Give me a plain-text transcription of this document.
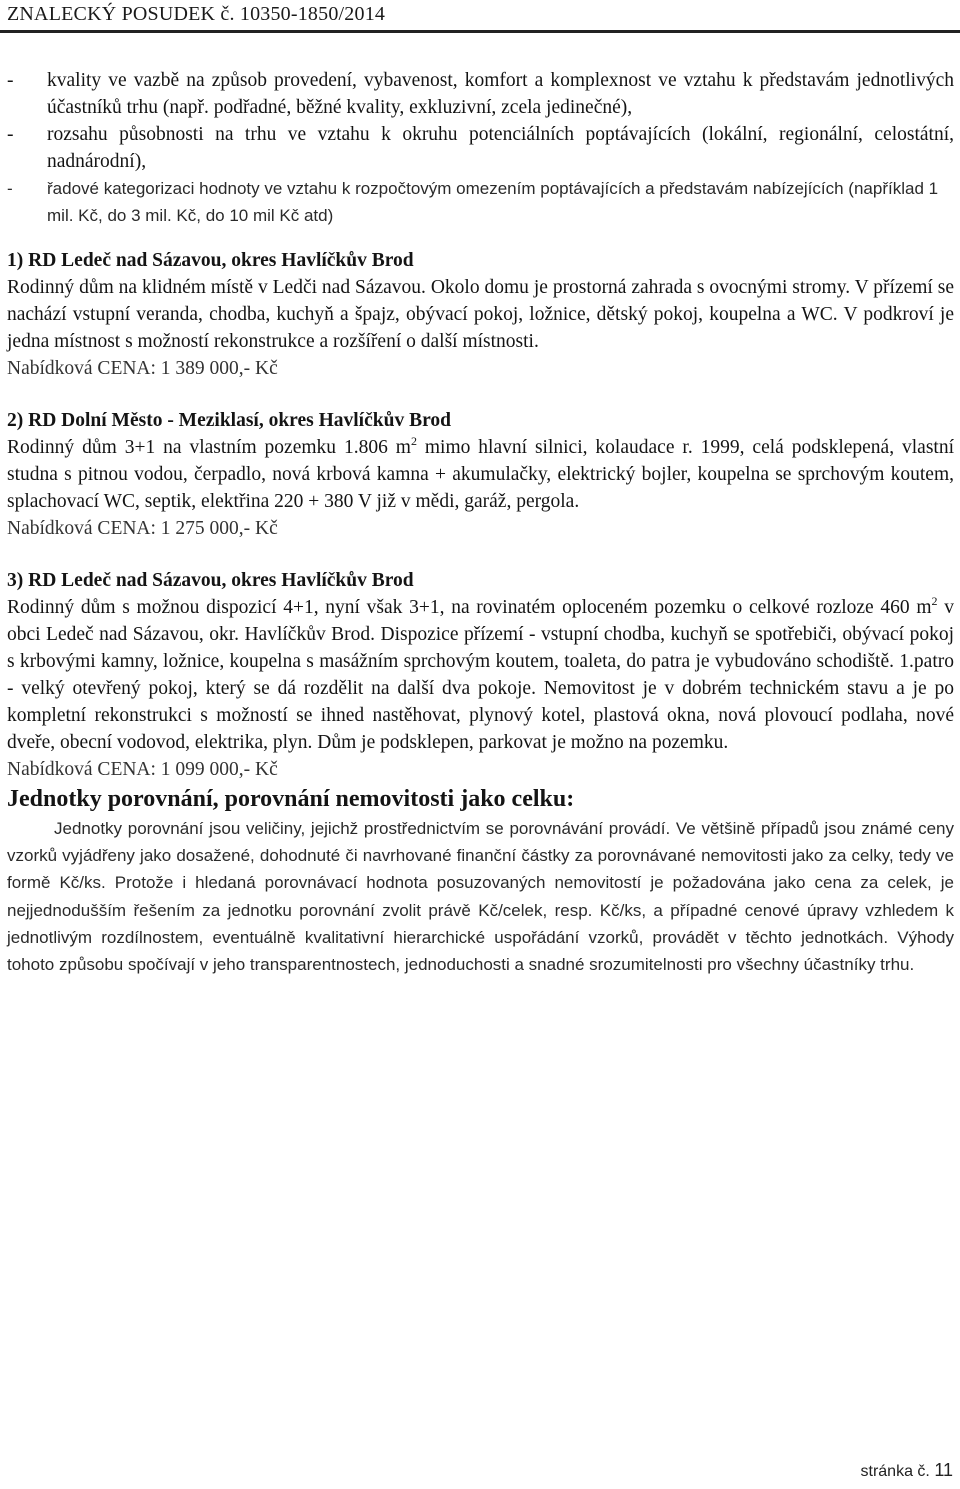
ZNALECKÝ POSUDEK č. 10350-1850/2014
- kvality ve vazbě na způsob provedení, vybavenost, komfort a komplexnost ve vztahu k představám jednotlivých účastníků trhu (např. podřadné, běžné kvality, exkluzivní, zcela jedinečné),
- rozsahu působnosti na trhu ve vztahu k okruhu potenciálních poptávajících (lokální, regionální, celostátní, nadnárodní),
- řadové kategorizaci hodnoty ve vztahu k rozpočtovým omezením poptávajících a představám nabízejících (například 1 mil. Kč, do 3 mil. Kč, do 10 mil Kč atd)

1) RD Ledeč nad Sázavou, okres Havlíčkův Brod

Rodinný dům na klidném místě v Ledči nad Sázavou. Okolo domu je prostorná zahrada s ovocnými stromy. V přízemí se nachází vstupní veranda, chodba, kuchyň a špajz, obývací pokoj, ložnice, dětský pokoj, koupelna a WC. V podkroví je jedna místnost s možností rekonstrukce a rozšíření o další místnosti.

Nabídková CENA: 1 389 000,- Kč

2) RD Dolní Město - Meziklasí, okres Havlíčkův Brod

Rodinný dům 3+1 na vlastním pozemku 1.806 $m^2$ mimo hlavní silnici, kolaudace r. 1999, celá podsklepená, vlastní studna s pitnou vodou, čerpadlo, nová krbová kamna + akumulačky, elektrický bojler, koupelna se sprchovým koutem, splachovací WC, septik, elektřina 220 + 380 V již v mědi, garáž, pergola.

Nabídková CENA: 1 275 000,- Kč

3) RD Ledeč nad Sázavou, okres Havlíčkův Brod

Rodinný dům s možnou dispozicí 4+1, nyní však 3+1, na rovinatém oploceném pozemku o celkové rozloze 460 $m^2$ v obci Ledeč nad Sázavou, okr. Havlíčkův Brod. Dispozice přízemí - vstupní chodba, kuchyň se spotřebiči, obývací pokoj s krbovými kamny, ložnice, koupelna s masážním sprchovým koutem, toaleta, do patra je vybudováno schodiště. 1.patro - velký otevřený pokoj, který se dá rozdělit na další dva pokoje. Nemovitost je v dobrém technickém stavu a je po kompletní rekonstrukci s možností se ihned nastěhovat, plynový kotel, plastová okna, nová plovoucí podlaha, nové dveře, obecní vodovod, elektrika, plyn. Dům je podsklepen, parkovat je možno na pozemku.

Nabídková CENA: 1 099 000,- Kč

Jednotky porovnání, porovnání nemovitosti jako celku:

Jednotky porovnání jsou veličiny, jejichž prostřednictvím se porovnávání provádí. Ve většině případů jsou známé ceny vzorků vyjádřeny jako dosažené, dohodnuté či navrhované finanční částky za porovnávané nemovitosti jako za celky, tedy ve formě Kč/ks. Protože i hledaná porovnávací hodnota posuzovaných nemovitostí je požadována jako cena za celek, je nejjednodušším řešením za jednotku porovnání zvolit právě Kč/celek, resp. Kč/ks, a případné cenové úpravy vzhledem k jednotlivým rozdílnostem, eventuálně kvalitativní hierarchické uspořádání vzorků, provádět v těchto jednotkách. Výhody tohoto způsobu spočívají v jeho transparentnostech, jednoduchosti a snadné srozumitelnosti pro všechny účastníky trhu.

stránka č. 11
